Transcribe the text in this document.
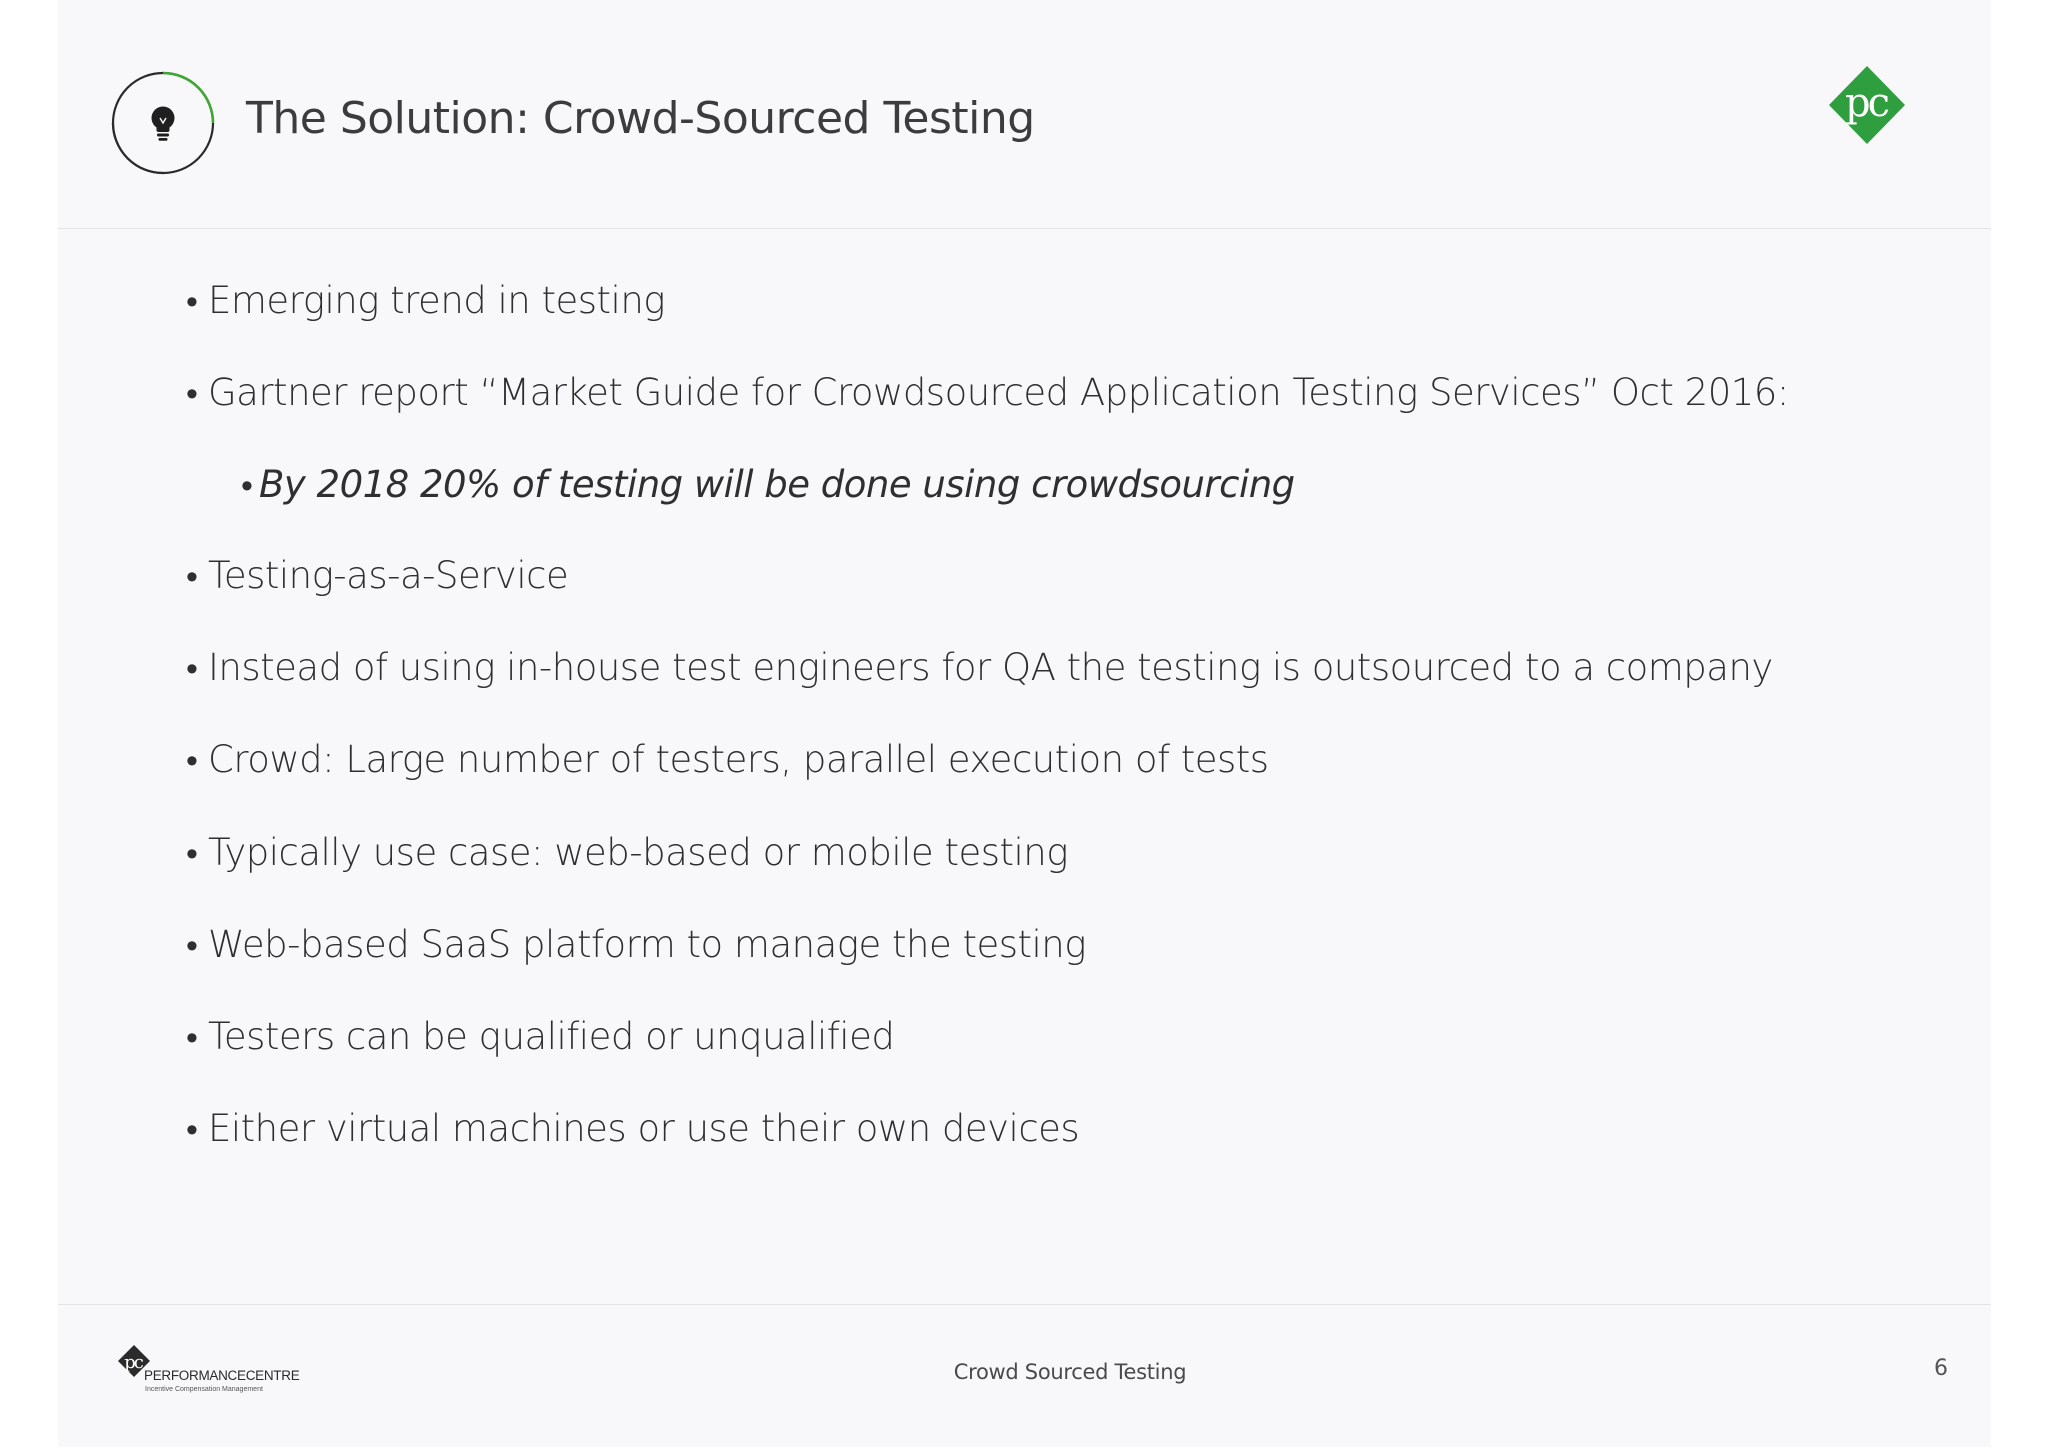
The Solution: Crowd-Sourced Testing	pc
• Emerging trend in testing
• Gartner report “Market Guide for Crowdsourced Application Testing Services” Oct 2016:
• By 2018 20% of testing will be done using crowdsourcing
• Testing-as-a-Service
• Instead of using in-house test engineers for QA the testing is outsourced to a company
• Crowd: Large number of testers, parallel execution of tests
• Typically use case: web-based or mobile testing
• Web-based SaaS platform to manage the testing
• Testers can be qualified or unqualified
• Either virtual machines or use their own devices
pc
PERFORMANCECENTRE
Incentive Compensation Management
Crowd Sourced Testing	6
